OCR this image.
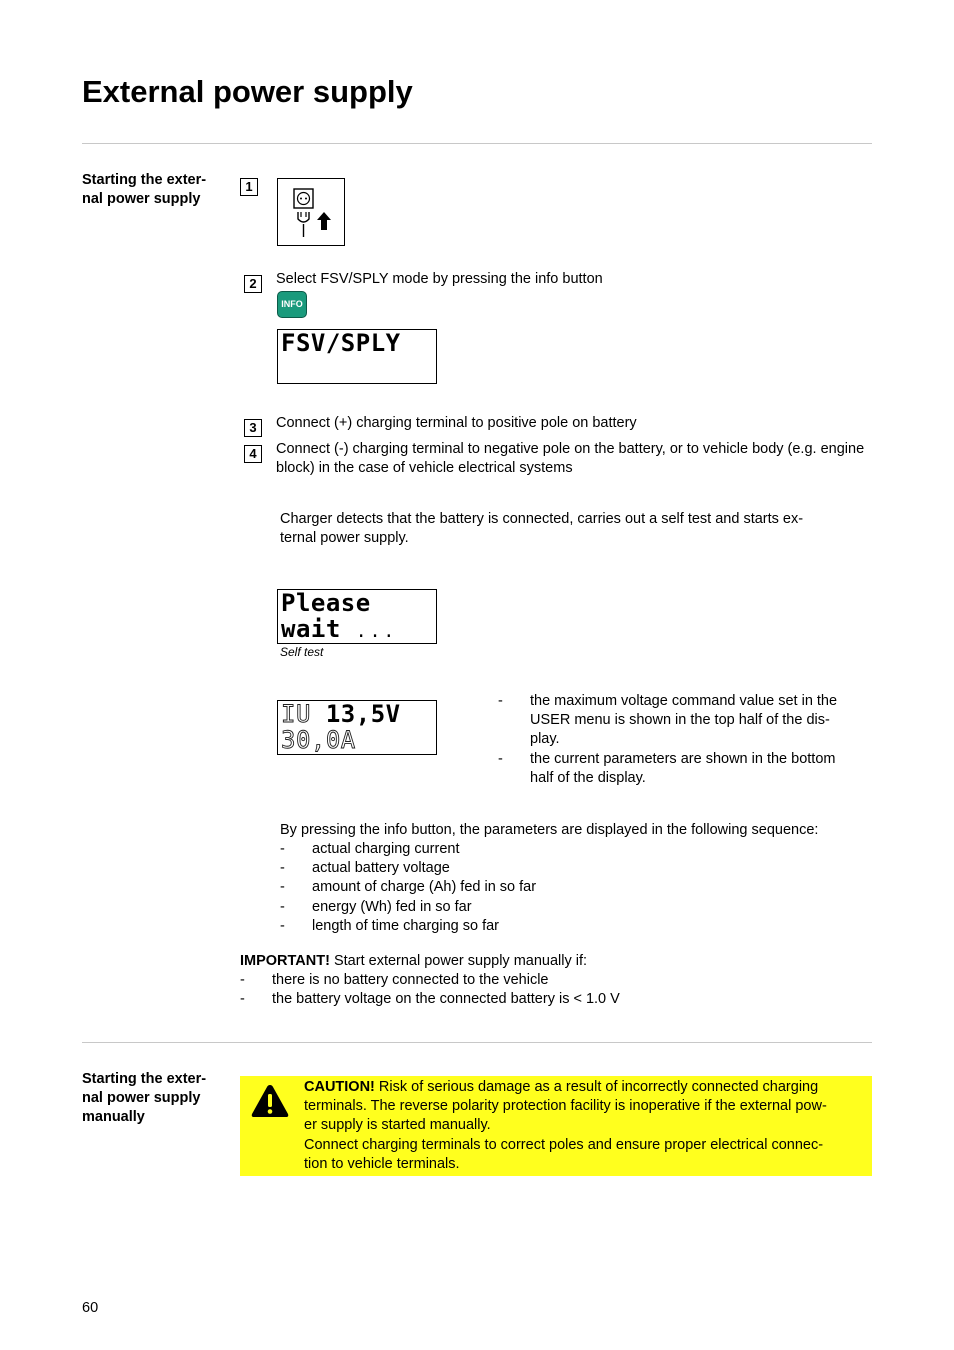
External power supply
Starting the exter-
nal power supply
1
2	Select FSV/SPLY mode by pressing the info button
INFO
FSV/SPLY

3	Connect (+) charging terminal to positive pole on battery
4	Connect (-) charging terminal to negative pole on the battery, or to vehicle body (e.g. engine block) in the case of vehicle electrical systems
Charger detects that the battery is connected, carries out a self test and starts ex-
ternal power supply.
Please
wait ...
Self test
IU 13,5V
30,0A

- the maximum voltage command value set in the
USER menu is shown in the top half of the dis-
play.
- the current parameters are shown in the bottom
half of the display.
By pressing the info button, the parameters are displayed in the following sequence:
- actual charging current
- actual battery voltage
- amount of charge (Ah) fed in so far
- energy (Wh) fed in so far
- length of time charging so far
IMPORTANT! Start external power supply manually if:
- there is no battery connected to the vehicle
- the battery voltage on the connected battery is < 1.0 V
Starting the exter-
nal power supply
manually
CAUTION! Risk of serious damage as a result of incorrectly connected charging terminals. The reverse polarity protection facility is inoperative if the external pow-
er supply is started manually.
Connect charging terminals to correct poles and ensure proper electrical connec-
tion to vehicle terminals.
60
